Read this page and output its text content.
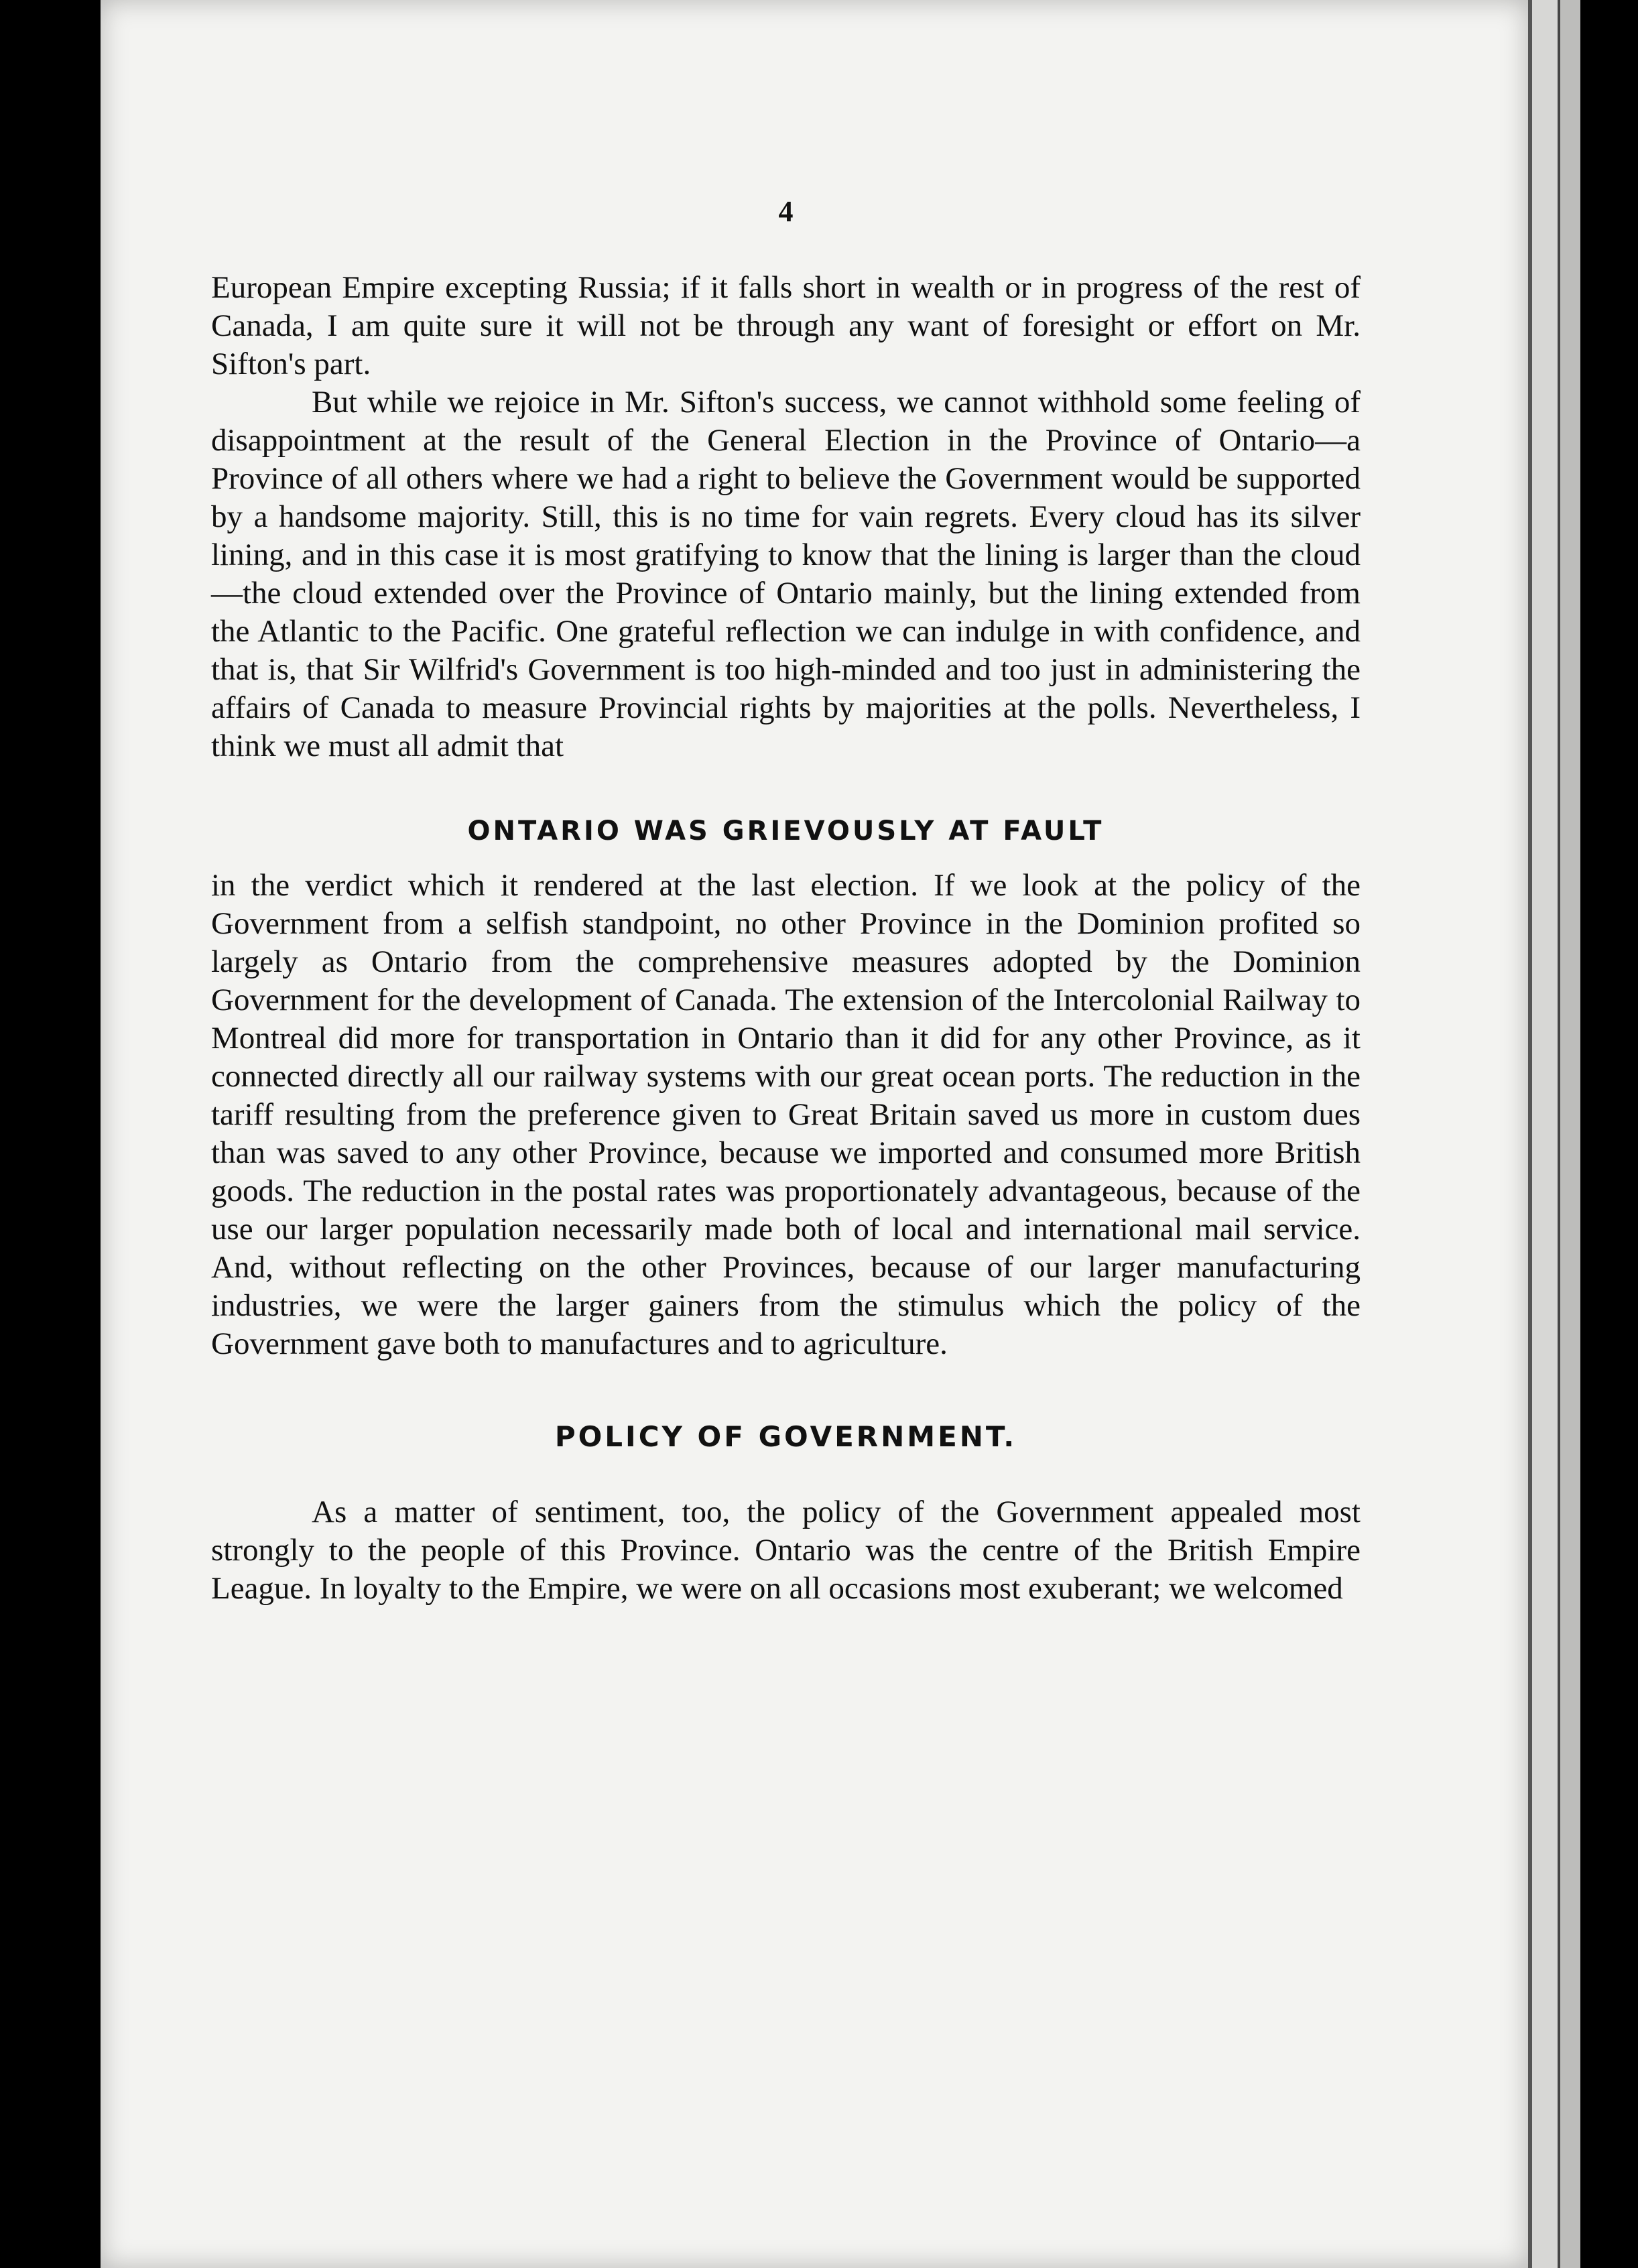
4

European Empire excepting Russia; if it falls short in wealth or in progress of the rest of Canada, I am quite sure it will not be through any want of foresight or effort on Mr. Sifton's part.

But while we rejoice in Mr. Sifton's success, we cannot withhold some feeling of disappointment at the result of the General Election in the Province of Ontario—a Province of all others where we had a right to believe the Government would be supported by a handsome majority. Still, this is no time for vain regrets. Every cloud has its silver lining, and in this case it is most gratifying to know that the lining is larger than the cloud —the cloud extended over the Province of Ontario mainly, but the lining extended from the Atlantic to the Pacific. One grateful reflection we can indulge in with confidence, and that is, that Sir Wilfrid's Government is too high-minded and too just in administering the affairs of Canada to measure Provincial rights by majorities at the polls. Nevertheless, I think we must all admit that

ONTARIO WAS GRIEVOUSLY AT FAULT

in the verdict which it rendered at the last election. If we look at the policy of the Government from a selfish standpoint, no other Province in the Dominion profited so largely as Ontario from the comprehensive measures adopted by the Dominion Government for the development of Canada. The extension of the Intercolonial Railway to Montreal did more for transportation in Ontario than it did for any other Province, as it connected directly all our railway systems with our great ocean ports. The reduction in the tariff resulting from the preference given to Great Britain saved us more in custom dues than was saved to any other Province, because we imported and consumed more British goods. The reduction in the postal rates was proportionately advantageous, because of the use our larger population necessarily made both of local and international mail service. And, without reflecting on the other Provinces, because of our larger manufacturing industries, we were the larger gainers from the stimulus which the policy of the Government gave both to manufactures and to agriculture.

POLICY OF GOVERNMENT.

As a matter of sentiment, too, the policy of the Government appealed most strongly to the people of this Province. Ontario was the centre of the British Empire League. In loyalty to the Empire, we were on all occasions most exuberant; we welcomed
